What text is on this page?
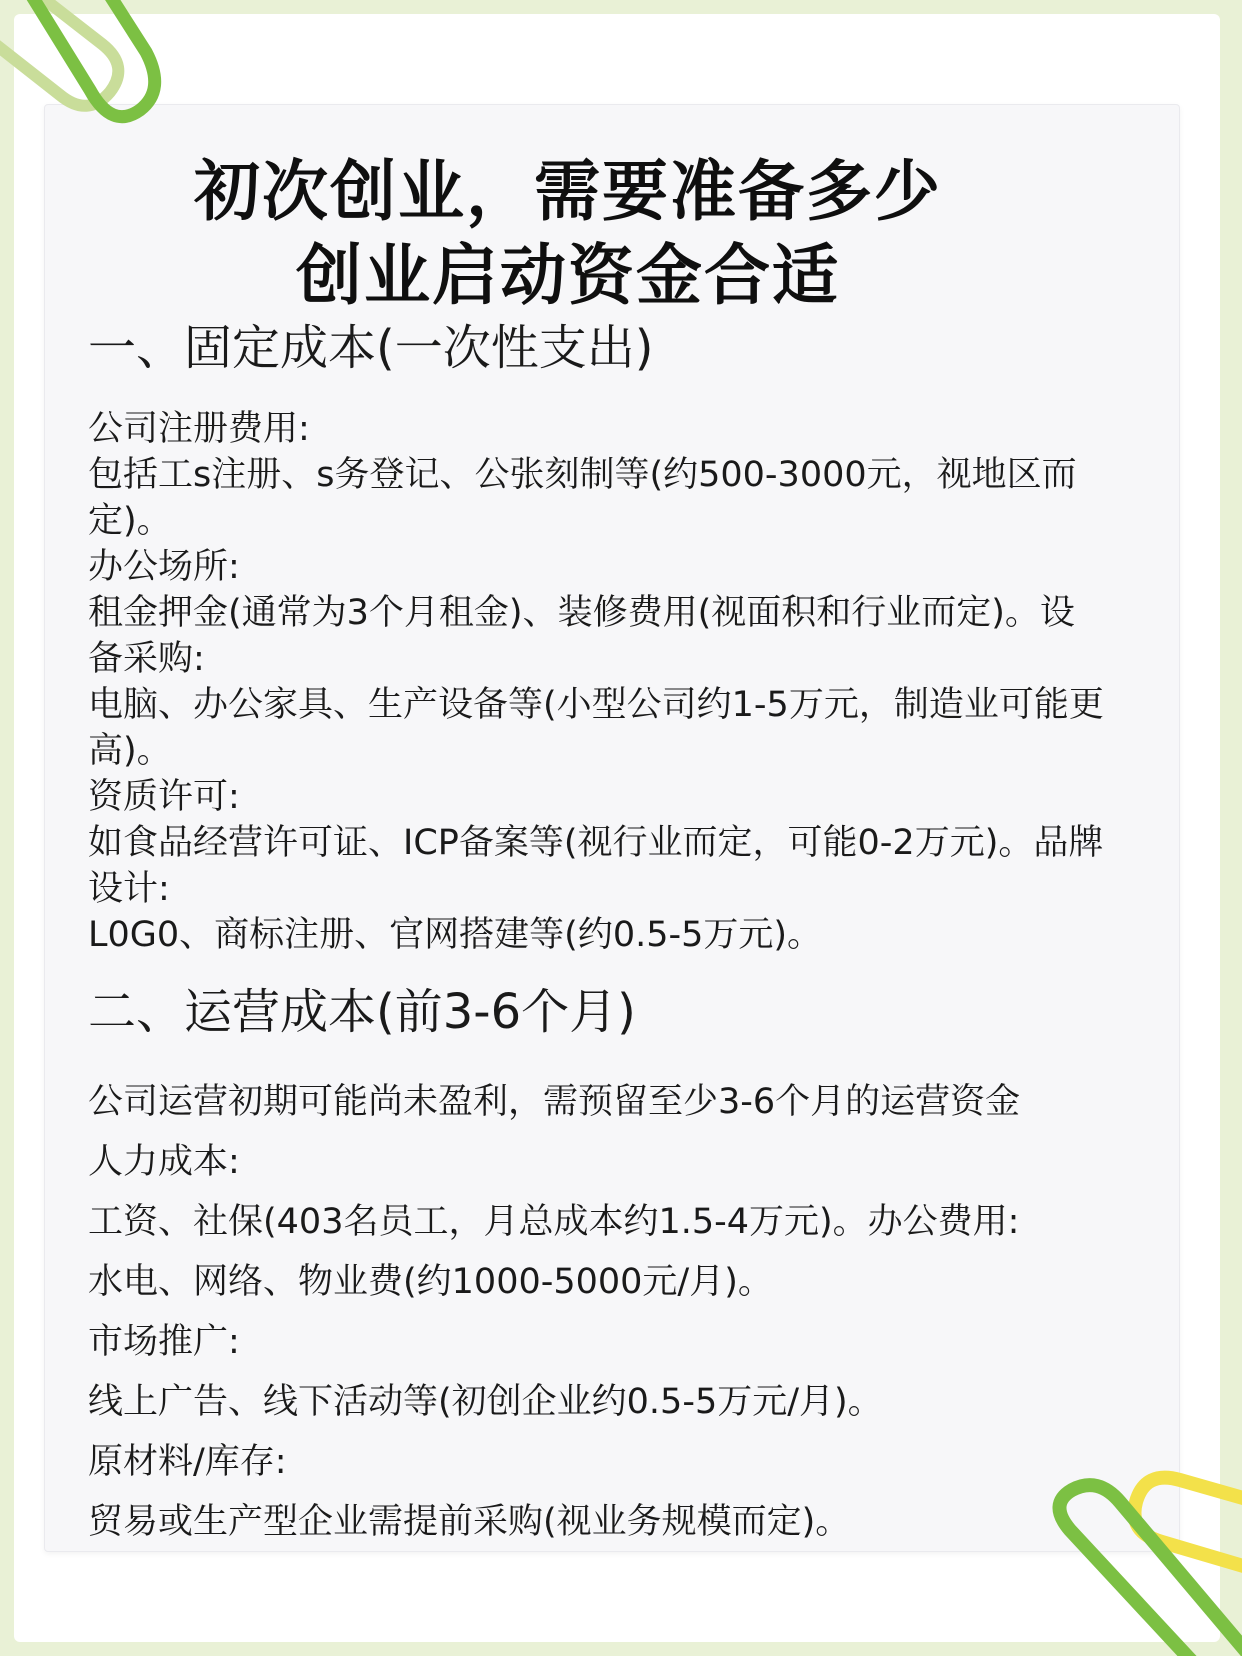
初次创业，需要准备多少
创业启动资金合适
一、固定成本(一次性支出)

公司注册费用:

包括工s注册、s务登记、公张刻制等(约500-3000元，视地区而

定)。

办公场所:

租金押金(通常为3个月租金)、装修费用(视面积和行业而定)。设

备采购:

电脑、办公家具、生产设备等(小型公司约1-5万元，制造业可能更

高)。

资质许可:

如食品经营许可证、ICP备案等(视行业而定，可能0-2万元)。品牌

设计:

L0G0、商标注册、官网搭建等(约0.5-5万元)。

二、运营成本(前3-6个月)

公司运营初期可能尚未盈利，需预留至少3-6个月的运营资金

人力成本:

工资、社保(403名员工，月总成本约1.5-4万元)。办公费用:

水电、网络、物业费(约1000-5000元/月)。

市场推广:

线上广告、线下活动等(初创企业约0.5-5万元/月)。

原材料/库存:

贸易或生产型企业需提前采购(视业务规模而定)。
